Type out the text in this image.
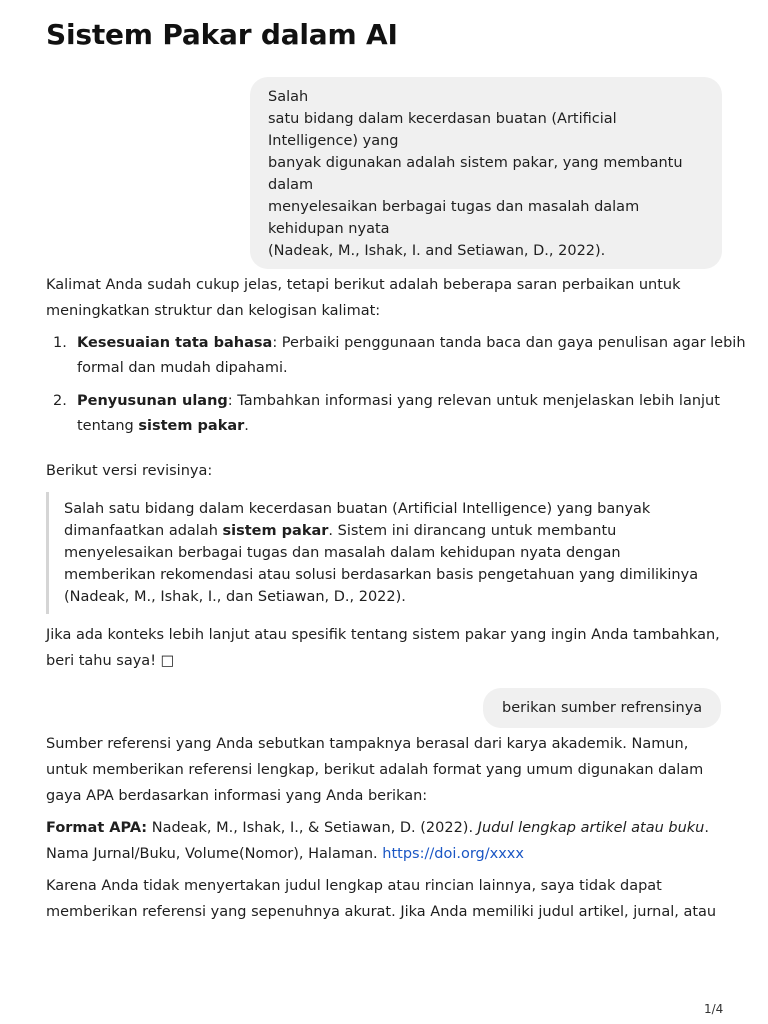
Sistem Pakar dalam AI
Salah
satu bidang dalam kecerdasan buatan (Artificial
Intelligence) yang
banyak digunakan adalah sistem pakar, yang membantu
dalam
menyelesaikan berbagai tugas dan masalah dalam
kehidupan nyata
(Nadeak, M., Ishak, I. and Setiawan, D., 2022).

Kalimat Anda sudah cukup jelas, tetapi berikut adalah beberapa saran perbaikan untuk meningkatkan struktur dan kelogisan kalimat:

1. Kesesuaian tata bahasa: Perbaiki penggunaan tanda baca dan gaya penulisan agar lebih formal dan mudah dipahami.
2. Penyusunan ulang: Tambahkan informasi yang relevan untuk menjelaskan lebih lanjut tentang sistem pakar.

Berikut versi revisinya:

Salah satu bidang dalam kecerdasan buatan (Artificial Intelligence) yang banyak
dimanfaatkan adalah sistem pakar. Sistem ini dirancang untuk membantu
menyelesaikan berbagai tugas dan masalah dalam kehidupan nyata dengan
memberikan rekomendasi atau solusi berdasarkan basis pengetahuan yang dimilikinya
(Nadeak, M., Ishak, I., dan Setiawan, D., 2022).

Jika ada konteks lebih lanjut atau spesifik tentang sistem pakar yang ingin Anda tambahkan, beri tahu saya! □

berikan sumber refrensinya

Sumber referensi yang Anda sebutkan tampaknya berasal dari karya akademik. Namun, untuk memberikan referensi lengkap, berikut adalah format yang umum digunakan dalam gaya APA berdasarkan informasi yang Anda berikan:

Format APA: Nadeak, M., Ishak, I., & Setiawan, D. (2022). Judul lengkap artikel atau buku. Nama Jurnal/Buku, Volume(Nomor), Halaman. https://doi.org/xxxx

Karena Anda tidak menyertakan judul lengkap atau rincian lainnya, saya tidak dapat memberikan referensi yang sepenuhnya akurat. Jika Anda memiliki judul artikel, jurnal, atau

1/4
